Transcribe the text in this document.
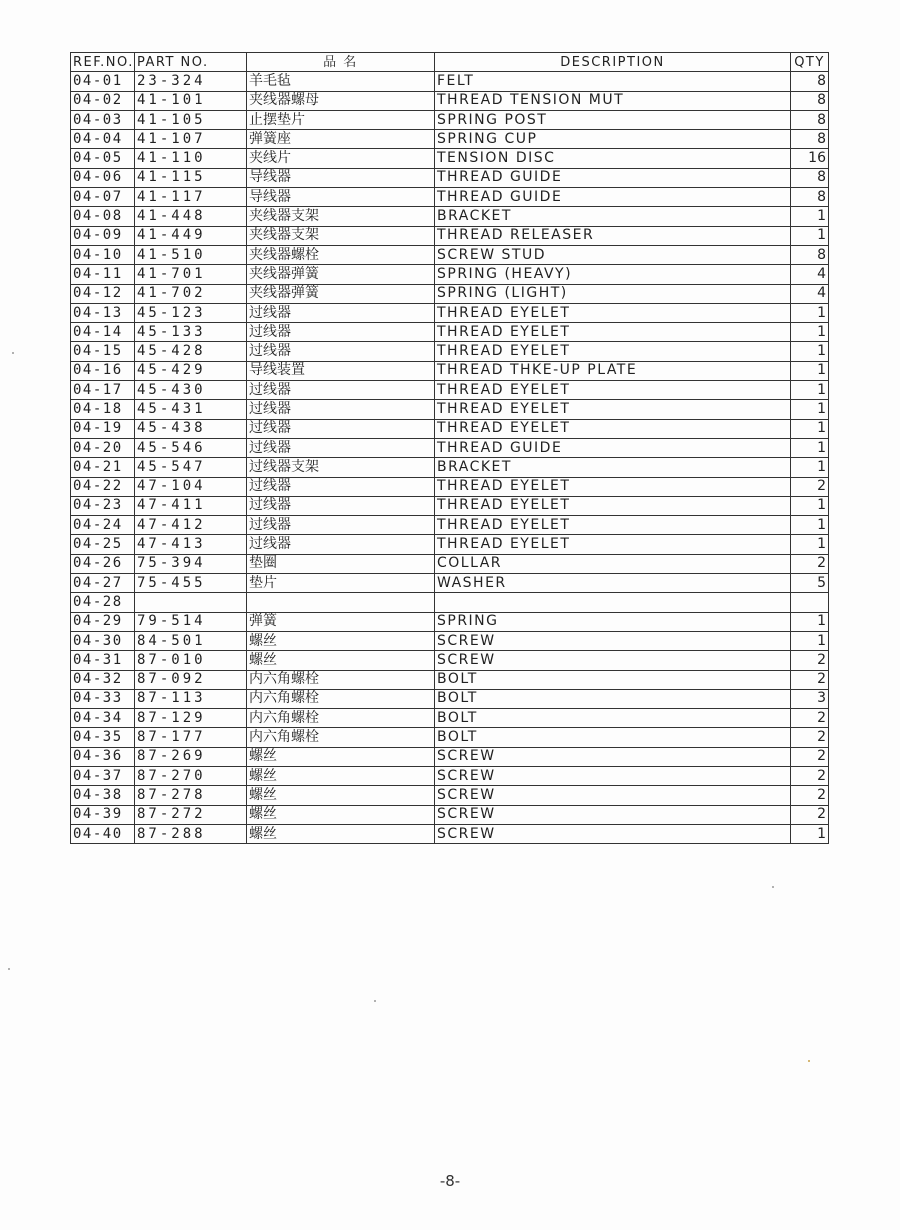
REF.NO.	PART NO.	品 名	DESCRIPTION	QTY
04-01	23-324	羊毛毡	FELT	8
04-02	41-101	夹线器螺母	THREAD TENSION MUT	8
04-03	41-105	止摆垫片	SPRING POST	8
04-04	41-107	弹簧座	SPRING CUP	8
04-05	41-110	夹线片	TENSION DISC	16
04-06	41-115	导线器	THREAD GUIDE	8
04-07	41-117	导线器	THREAD GUIDE	8
04-08	41-448	夹线器支架	BRACKET	1
04-09	41-449	夹线器支架	THREAD RELEASER	1
04-10	41-510	夹线器螺栓	SCREW STUD	8
04-11	41-701	夹线器弹簧	SPRING (HEAVY)	4
04-12	41-702	夹线器弹簧	SPRING (LIGHT)	4
04-13	45-123	过线器	THREAD EYELET	1
04-14	45-133	过线器	THREAD EYELET	1
04-15	45-428	过线器	THREAD EYELET	1
04-16	45-429	导线装置	THREAD THKE-UP PLATE	1
04-17	45-430	过线器	THREAD EYELET	1
04-18	45-431	过线器	THREAD EYELET	1
04-19	45-438	过线器	THREAD EYELET	1
04-20	45-546	过线器	THREAD GUIDE	1
04-21	45-547	过线器支架	BRACKET	1
04-22	47-104	过线器	THREAD EYELET	2
04-23	47-411	过线器	THREAD EYELET	1
04-24	47-412	过线器	THREAD EYELET	1
04-25	47-413	过线器	THREAD EYELET	1
04-26	75-394	垫圈	COLLAR	2
04-27	75-455	垫片	WASHER	5
04-28				
04-29	79-514	弹簧	SPRING	1
04-30	84-501	螺丝	SCREW	1
04-31	87-010	螺丝	SCREW	2
04-32	87-092	内六角螺栓	BOLT	2
04-33	87-113	内六角螺栓	BOLT	3
04-34	87-129	内六角螺栓	BOLT	2
04-35	87-177	内六角螺栓	BOLT	2
04-36	87-269	螺丝	SCREW	2
04-37	87-270	螺丝	SCREW	2
04-38	87-278	螺丝	SCREW	2
04-39	87-272	螺丝	SCREW	2
04-40	87-288	螺丝	SCREW	1
-8-
